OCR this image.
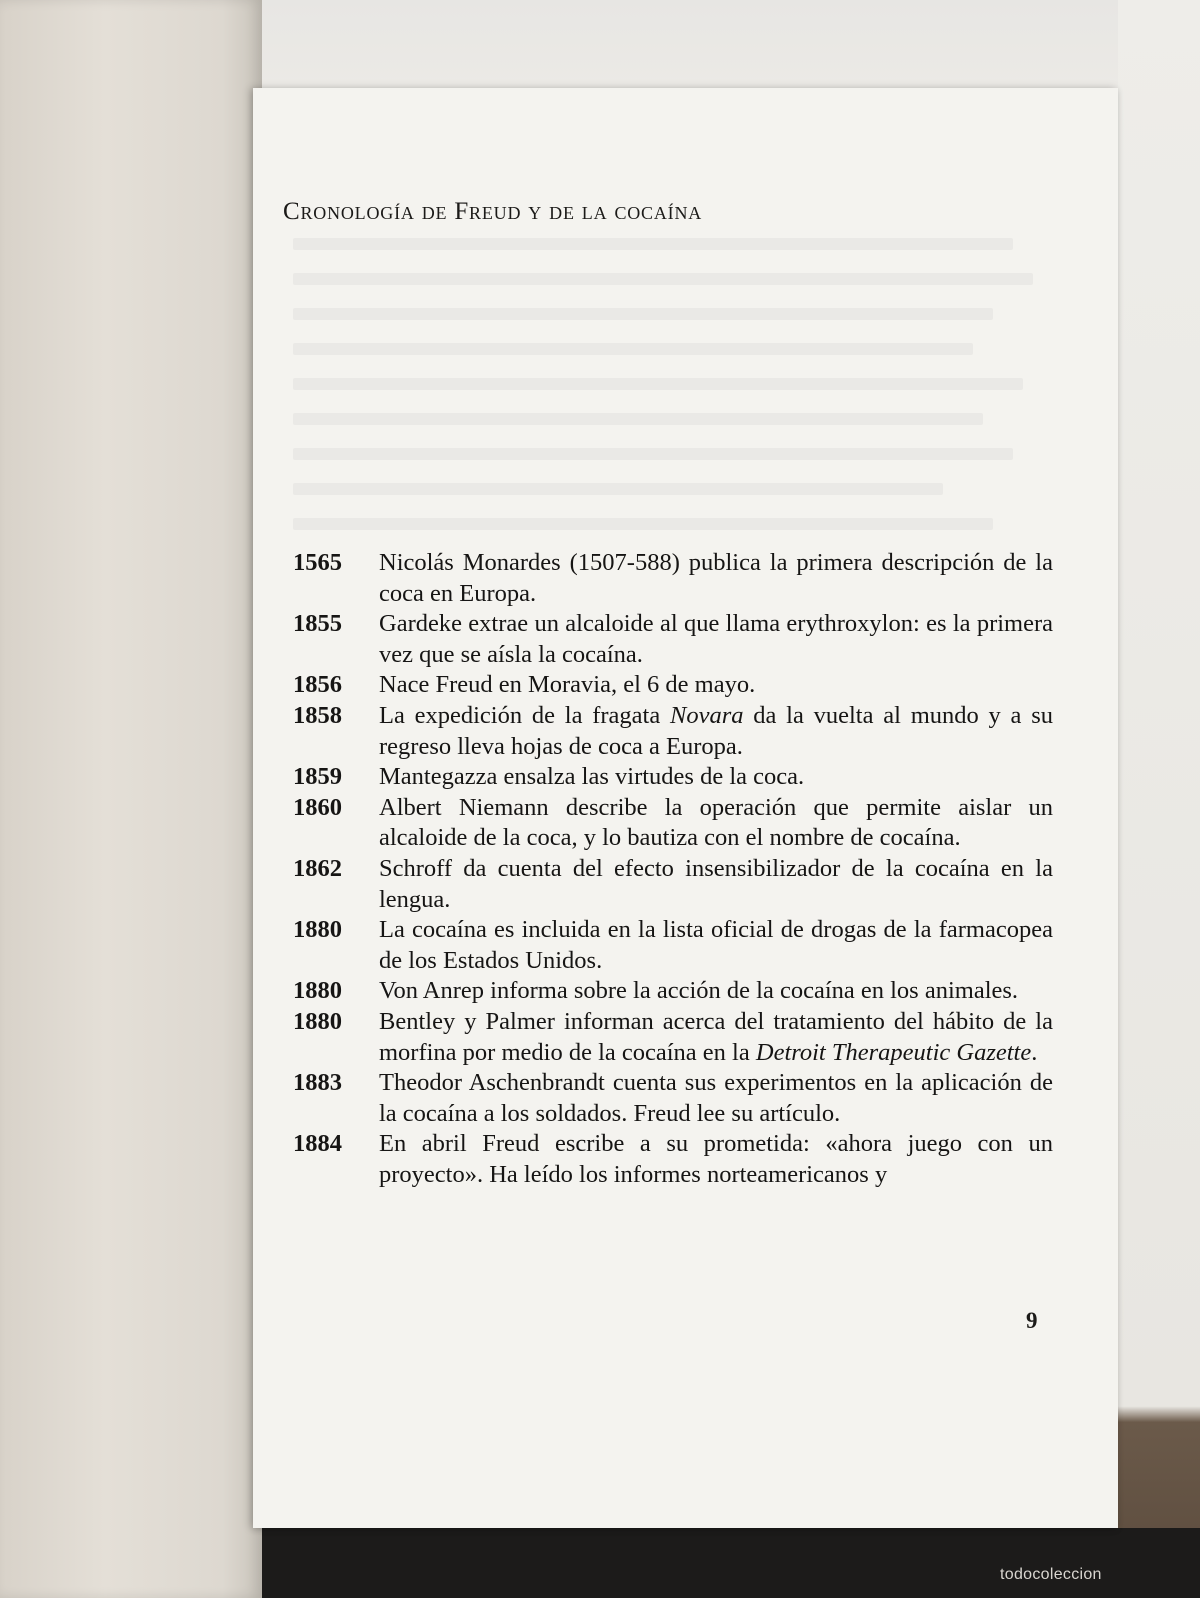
Cronología de Freud y de la cocaína
1565	Nicolás Monardes (1507-588) publica la primera descripción de la coca en Europa.
1855	Gardeke extrae un alcaloide al que llama erythroxylon: es la primera vez que se aísla la cocaína.
1856	Nace Freud en Moravia, el 6 de mayo.
1858	La expedición de la fragata Novara da la vuelta al mundo y a su regreso lleva hojas de coca a Europa.
1859	Mantegazza ensalza las virtudes de la coca.
1860	Albert Niemann describe la operación que permite aislar un alcaloide de la coca, y lo bautiza con el nombre de cocaína.
1862	Schroff da cuenta del efecto insensibilizador de la cocaína en la lengua.
1880	La cocaína es incluida en la lista oficial de drogas de la farmacopea de los Estados Unidos.
1880	Von Anrep informa sobre la acción de la cocaína en los animales.
1880	Bentley y Palmer informan acerca del tratamiento del hábito de la morfina por medio de la cocaína en la Detroit Therapeutic Gazette.
1883	Theodor Aschenbrandt cuenta sus experimentos en la aplicación de la cocaína a los soldados. Freud lee su artículo.
1884	En abril Freud escribe a su prometida: «ahora juego con un proyecto». Ha leído los informes norteamericanos y
9
todocoleccion
